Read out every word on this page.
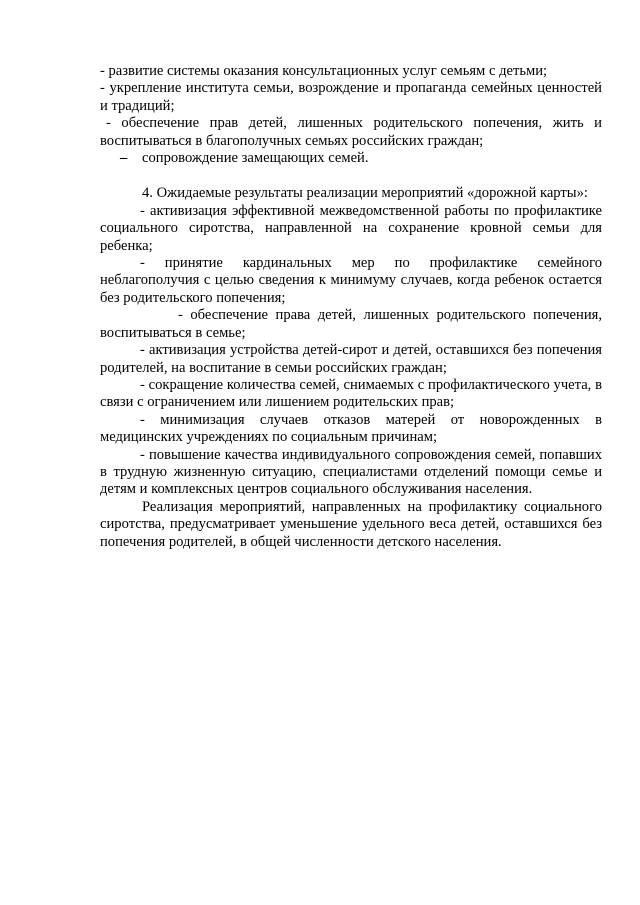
- развитие системы оказания консультационных услуг семьям с детьми;

- укрепление института семьи, возрождение и пропаганда семейных ценностей и традиций;

- обеспечение прав детей, лишенных родительского попечения, жить и воспитываться в благополучных семьях российских граждан;

– сопровождение замещающих семей.

4. Ожидаемые результаты реализации мероприятий «дорожной карты»:

- активизация эффективной межведомственной работы по профилактике социального сиротства, направленной на сохранение кровной семьи для ребенка;

- принятие кардинальных мер по профилактике семейного неблагополучия с целью сведения к минимуму случаев, когда ребенок остается без родительского попечения;

- обеспечение права детей, лишенных родительского попечения, воспитываться в семье;

- активизация устройства детей-сирот и детей, оставшихся без попечения родителей, на воспитание в семьи российских граждан;

- сокращение количества семей, снимаемых с профилактического учета, в связи с ограничением или лишением родительских прав;

- минимизация случаев отказов матерей от новорожденных в медицинских учреждениях по социальным причинам;

- повышение качества индивидуального сопровождения семей, попавших в трудную жизненную ситуацию, специалистами отделений помощи семье и детям и комплексных центров социального обслуживания населения.

Реализация мероприятий, направленных на профилактику социального сиротства, предусматривает уменьшение удельного веса детей, оставшихся без попечения родителей, в общей численности детского населения.
